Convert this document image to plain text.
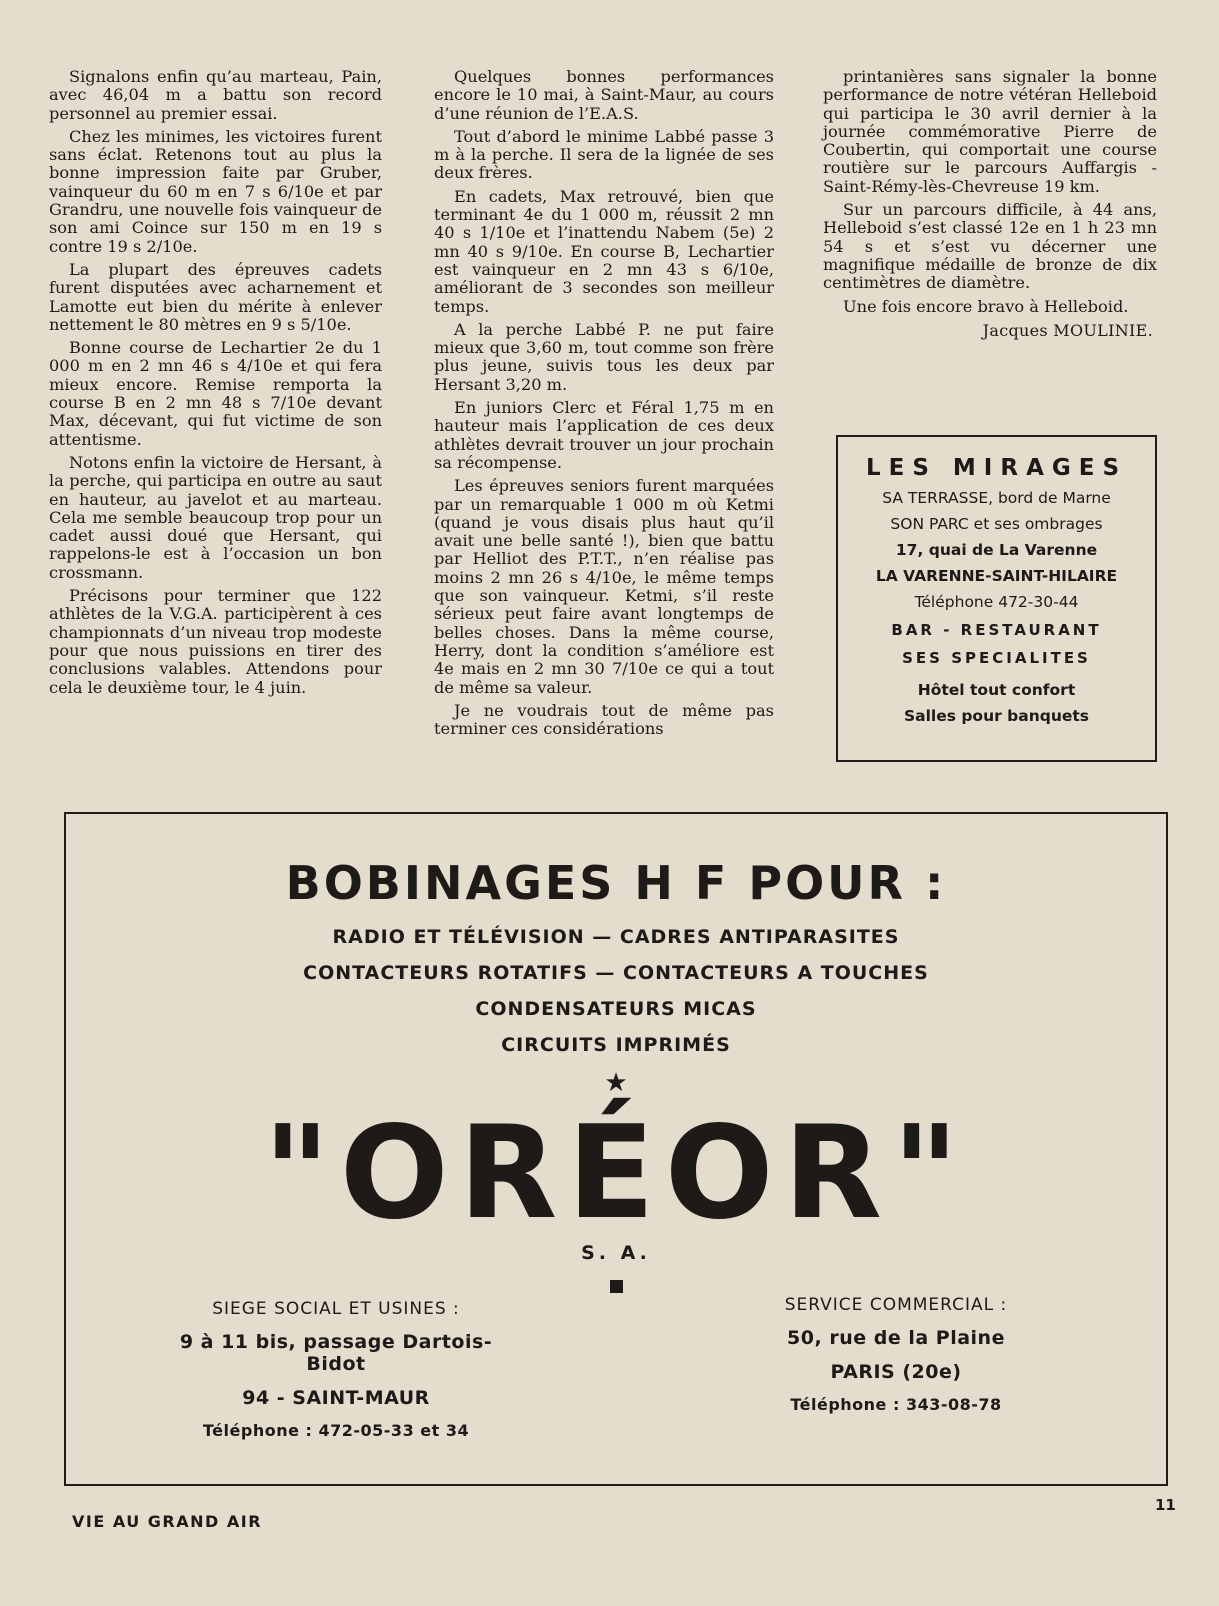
Signalons enfin qu’au marteau, Pain, avec 46,04 m a battu son record personnel au premier essai.

Chez les minimes, les victoires furent sans éclat. Retenons tout au plus la bonne impression faite par Gruber, vainqueur du 60 m en 7 s 6/10e et par Grandru, une nouvelle fois vainqueur de son ami Coince sur 150 m en 19 s contre 19 s 2/10e.

La plupart des épreuves cadets furent disputées avec acharnement et Lamotte eut bien du mérite à enlever nettement le 80 mètres en 9 s 5/10e.

Bonne course de Lechartier 2e du 1 000 m en 2 mn 46 s 4/10e et qui fera mieux encore. Remise remporta la course B en 2 mn 48 s 7/10e devant Max, décevant, qui fut victime de son attentisme.

Notons enfin la victoire de Hersant, à la perche, qui participa en outre au saut en hauteur, au javelot et au marteau. Cela me semble beaucoup trop pour un cadet aussi doué que Hersant, qui rappelons-le est à l’occasion un bon crossmann.

Précisons pour terminer que 122 athlètes de la V.G.A. participèrent à ces championnats d’un niveau trop modeste pour que nous puissions en tirer des conclusions valables. Attendons pour cela le deuxième tour, le 4 juin.

Quelques bonnes performances encore le 10 mai, à Saint-Maur, au cours d’une réunion de l’E.A.S.

Tout d’abord le minime Labbé passe 3 m à la perche. Il sera de la lignée de ses deux frères.

En cadets, Max retrouvé, bien que terminant 4e du 1 000 m, réussit 2 mn 40 s 1/10e et l’inattendu Nabem (5e) 2 mn 40 s 9/10e. En course B, Lechartier est vainqueur en 2 mn 43 s 6/10e, améliorant de 3 secondes son meilleur temps.

A la perche Labbé P. ne put faire mieux que 3,60 m, tout comme son frère plus jeune, suivis tous les deux par Hersant 3,20 m.

En juniors Clerc et Féral 1,75 m en hauteur mais l’application de ces deux athlètes devrait trouver un jour prochain sa récompense.

Les épreuves seniors furent marquées par un remarquable 1 000 m où Ketmi (quand je vous disais plus haut qu’il avait une belle santé !), bien que battu par Helliot des P.T.T., n’en réalise pas moins 2 mn 26 s 4/10e, le même temps que son vainqueur. Ketmi, s’il reste sérieux peut faire avant longtemps de belles choses. Dans la même course, Herry, dont la condition s’améliore est 4e mais en 2 mn 30 7/10e ce qui a tout de même sa valeur.

Je ne voudrais tout de même pas terminer ces considérations

printanières sans signaler la bonne performance de notre vétéran Helleboid qui participa le 30 avril dernier à la journée commémorative Pierre de Coubertin, qui comportait une course routière sur le parcours Auffargis - Saint-Rémy-lès-Chevreuse 19 km.

Sur un parcours difficile, à 44 ans, Helleboid s’est classé 12e en 1 h 23 mn 54 s et s’est vu décerner une magnifique médaille de bronze de dix centimètres de diamètre.

Une fois encore bravo à Helleboid.

Jacques MOULINIE.
LES MIRAGES
SA TERRASSE, bord de Marne
SON PARC et ses ombrages
17, quai de La Varenne
LA VARENNE-SAINT-HILAIRE
Téléphone 472-30-44
BAR - RESTAURANT
SES SPECIALITES
Hôtel tout confort
Salles pour banquets
BOBINAGES H F POUR :
RADIO ET TÉLÉVISION — CADRES ANTIPARASITES
CONTACTEURS ROTATIFS — CONTACTEURS A TOUCHES
CONDENSATEURS MICAS
CIRCUITS IMPRIMÉS
★
"ORÉOR"
S. A.
SIEGE SOCIAL ET USINES :
9 à 11 bis, passage Dartois-Bidot
94 - SAINT-MAUR
Téléphone : 472-05-33 et 34
SERVICE COMMERCIAL :
50, rue de la Plaine
PARIS (20e)
Téléphone : 343-08-78
VIE AU GRAND AIR
11
